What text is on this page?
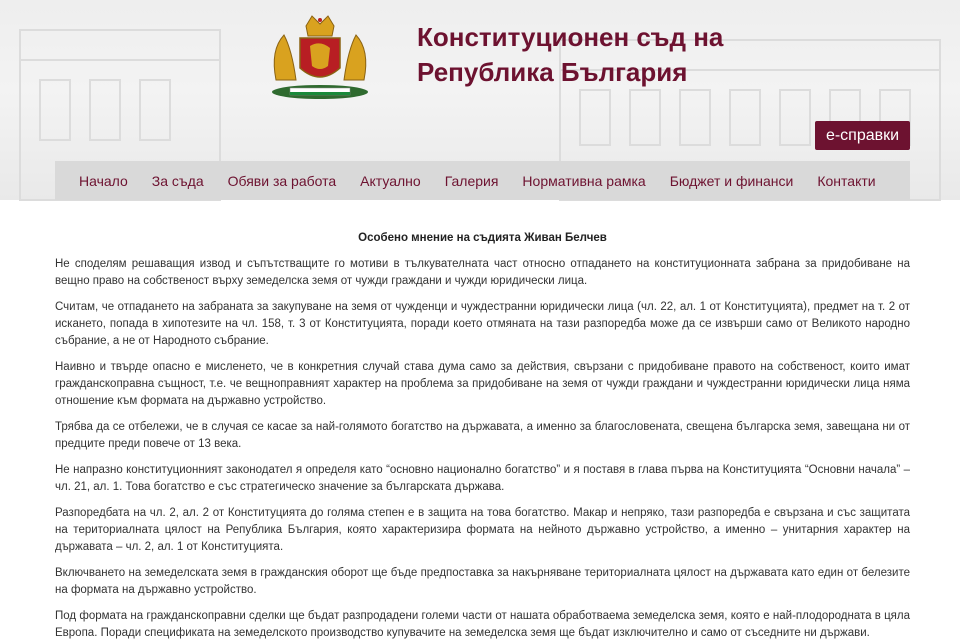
Конституционен съд на
Република България
е-справки
Начало За съда Обяви за работа Актуално Галерия Нормативна рамка Бюджет и финанси Контакти
Особено мнение на съдията Живан Белчев

Не споделям решаващия извод и съпътстващите го мотиви в тълкувателната част относно отпадането на конституционната забрана за придобиване на вещно право на собственост върху земеделска земя от чужди граждани и чужди юридически лица.

Считам, че отпадането на забраната за закупуване на земя от чужденци и чуждестранни юридически лица (чл. 22, ал. 1 от Конституцията), предмет на т. 2 от искането, попада в хипотезите на чл. 158, т. 3 от Конституцията, поради което отмяната на тази разпоредба може да се извърши само от Великото народно събрание, а не от Народното събрание.

Наивно и твърде опасно е мисленето, че в конкретния случай става дума само за действия, свързани с придобиване правото на собственост, които имат гражданскоправна същност, т.е. че вещноправният характер на проблема за придобиване на земя от чужди граждани и чуждестранни юридически лица няма отношение към формата на държавно устройство.

Трябва да се отбележи, че в случая се касае за най-голямото богатство на държавата, а именно за благословената, свещена българска земя, завещана ни от предците преди повече от 13 века.

Не напразно конституционният законодател я определя като “основно национално богатство” и я поставя в глава първа на Конституцията “Основни начала” – чл. 21, ал. 1. Това богатство е със стратегическо значение за българската държава.

Разпоредбата на чл. 2, ал. 2 от Конституцията до голяма степен е в защита на това богатство. Макар и непряко, тази разпоредба е свързана и със защитата на териториалната цялост на Република България, която характеризира формата на нейното държавно устройство, а именно – унитарния характер на държавата – чл. 2, ал. 1 от Конституцията.

Включването на земеделската земя в гражданския оборот ще бъде предпоставка за накърняване териториалната цялост на държавата като един от белезите на формата на държавно устройство.

Под формата на гражданскоправни сделки ще бъдат разпродадени големи части от нашата обработваема земеделска земя, която е най-плодородната в цяла Европа. Поради спецификата на земеделското производство купувачите на земеделска земя ще бъдат изключително и само от съседните ни държави.
